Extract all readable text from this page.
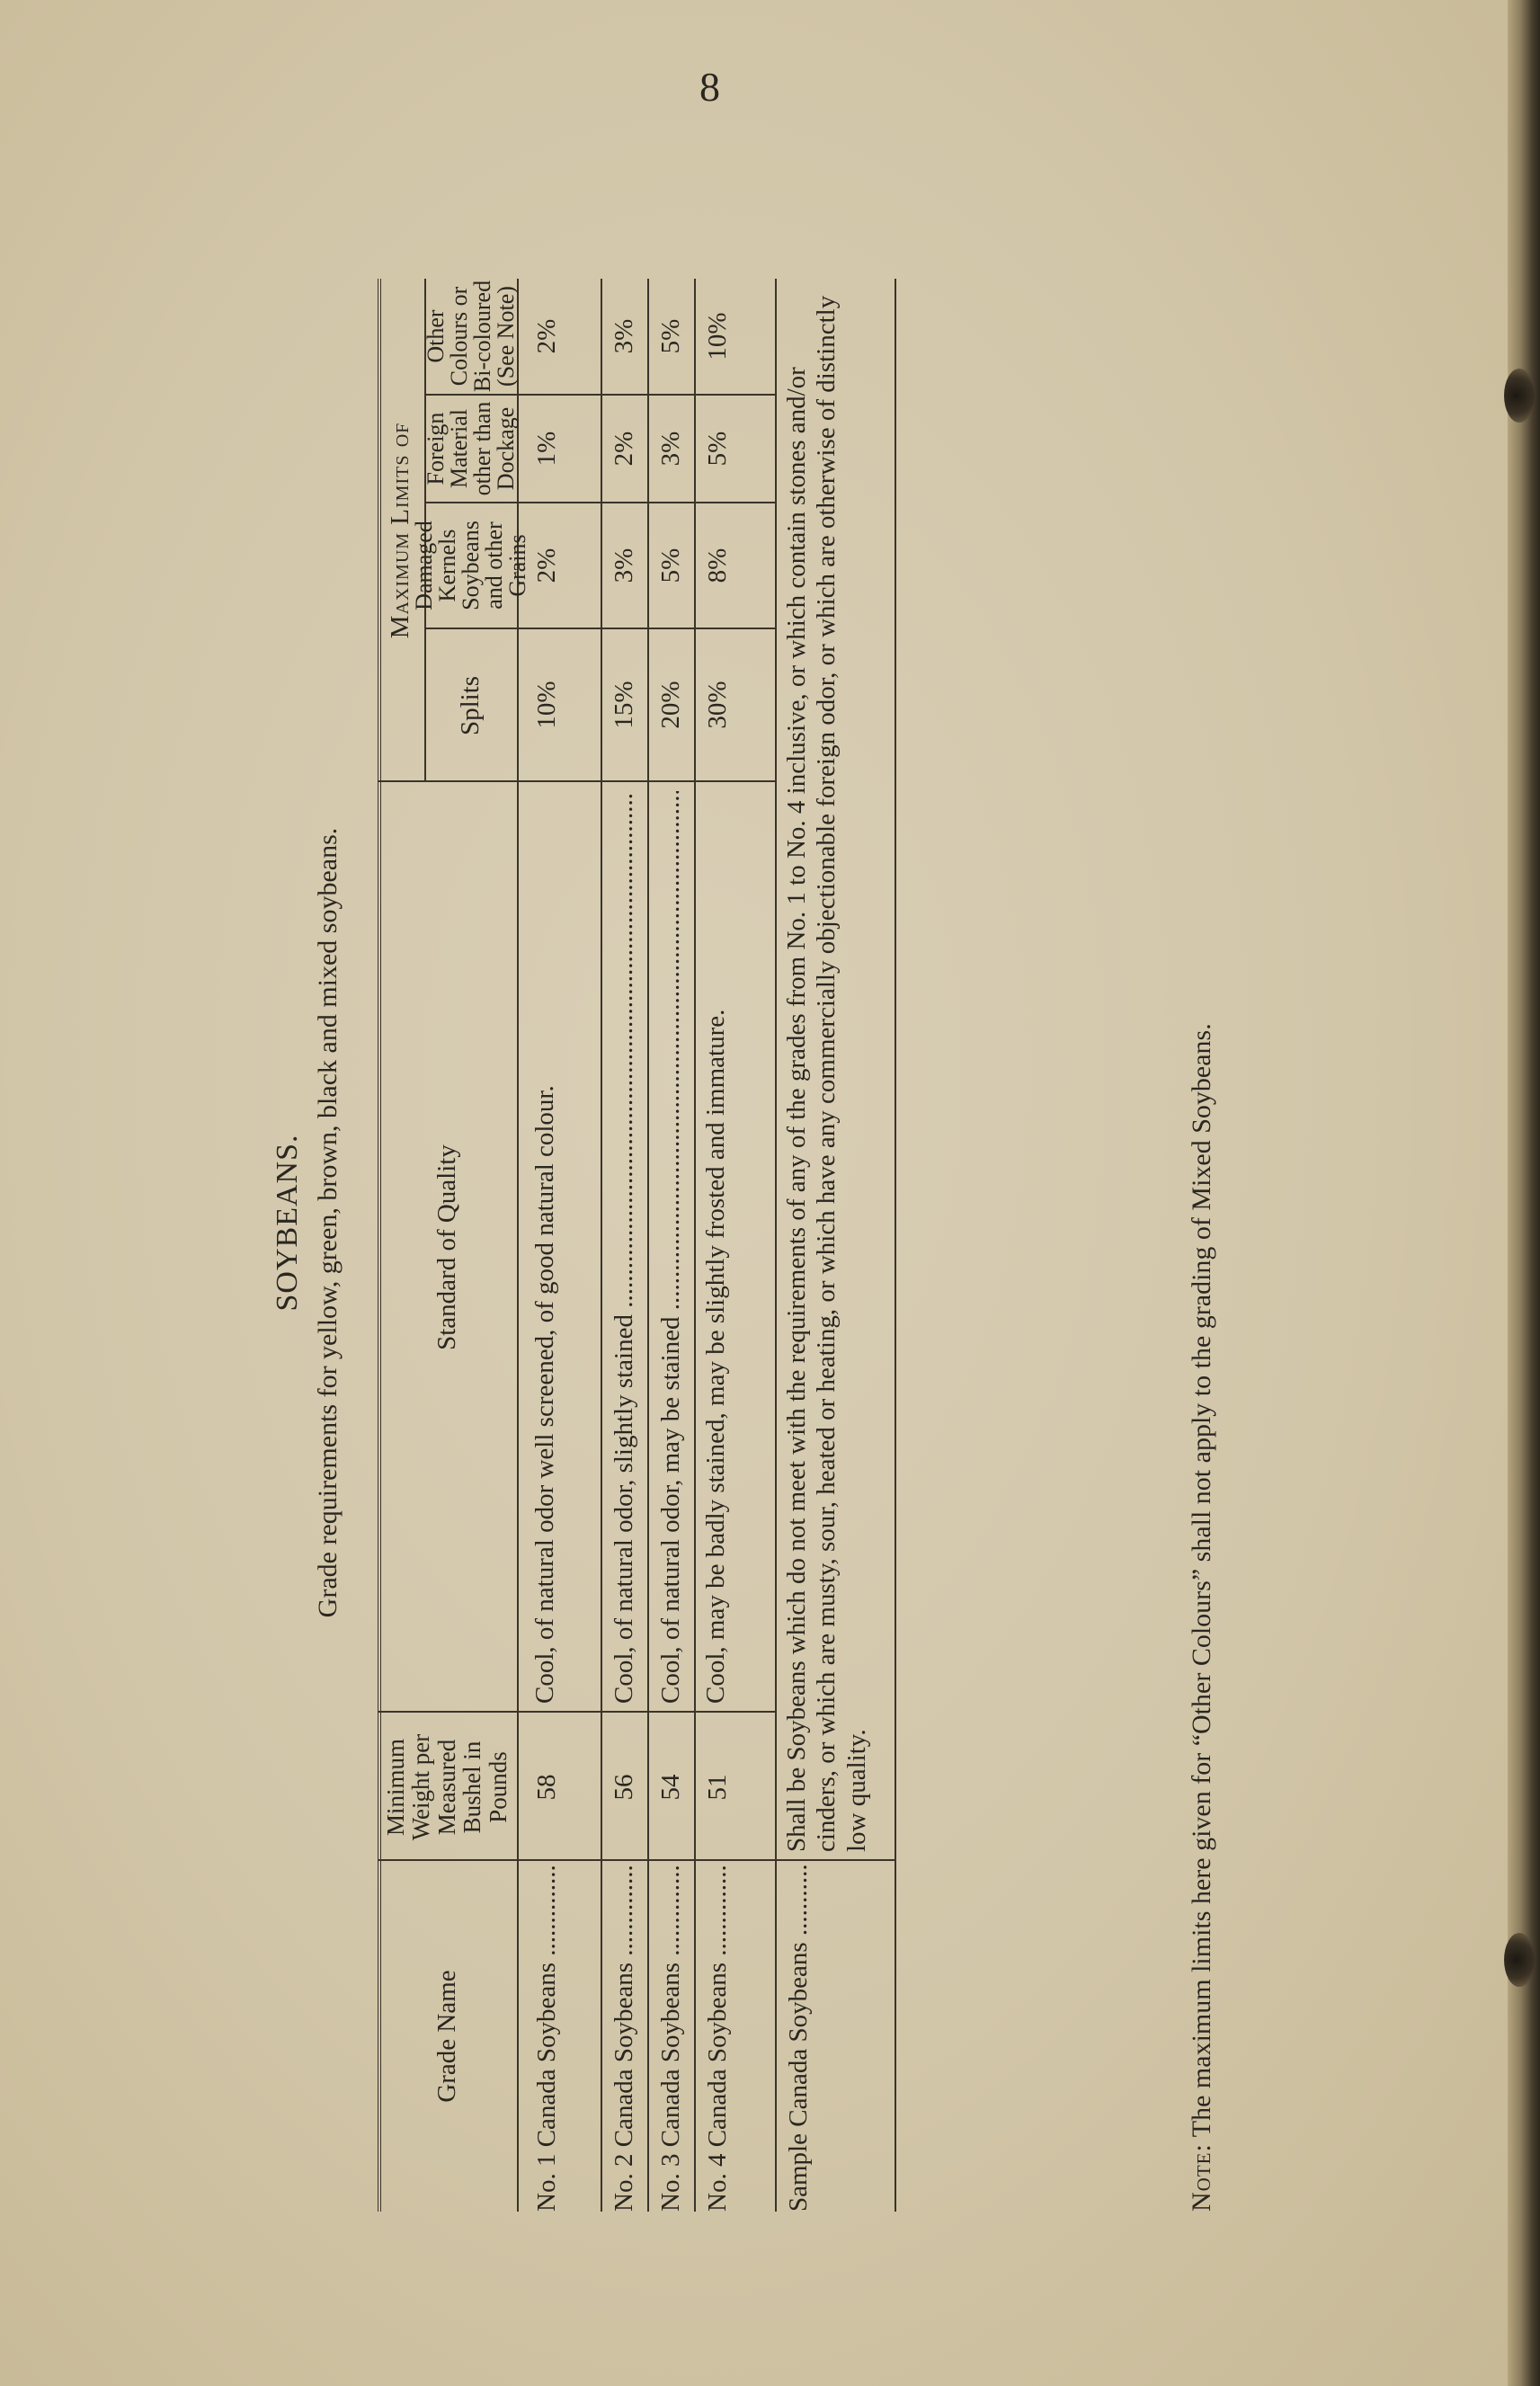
8
SOYBEANS. Grade requirements for yellow, green, brown, black and mixed soybeans.
Grade Name
Minimum Weight per Measured Bushel in Pounds
Standard of Quality
Maximum Limits of
Splits
Damaged Kernels Soybeans and other Grains
Foreign Material other than Dockage
Other Colours or Bi-coloured (See Note)
No. 1 Canada Soybeans .....
58
Cool, of natural odor well screened, of good natural colour.
10%
2%
1%
2%
No. 2 Canada Soybeans .....
56
Cool, of natural odor, slightly stained .....
15%
3%
2%
3%
No. 3 Canada Soybeans .....
54
Cool, of natural odor, may be stained .....
20%
5%
3%
5%
No. 4 Canada Soybeans .....
51
Cool, may be badly stained, may be slightly frosted and immature.
30%
8%
5%
10%
Sample Canada Soybeans .....
Shall be Soybeans which do not meet with the requirements of any of the grades from No. 1 to No. 4 inclusive, or which contain stones and/or cinders, or which are musty, sour, heated or heating, or which have any commercially objectionable foreign odor, or which are otherwise of distinctly low quality.
Note: The maximum limits here given for “Other Colours” shall not apply to the grading of Mixed Soybeans.
